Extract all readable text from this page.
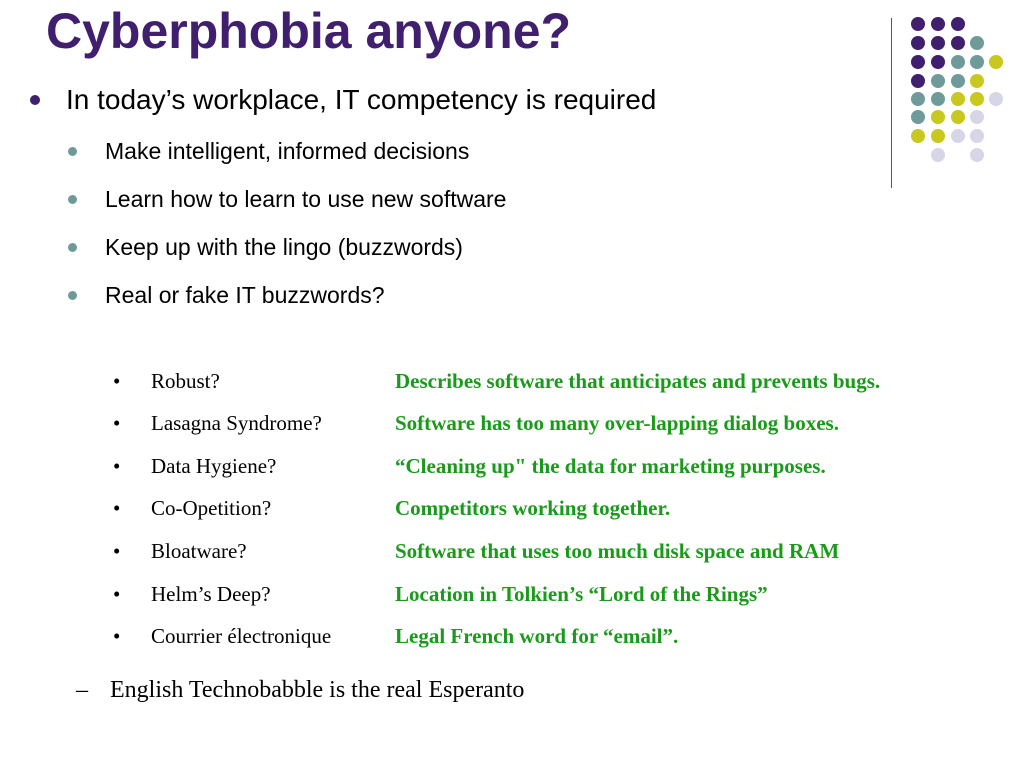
Cyberphobia anyone?
In today’s workplace, IT competency is required
Make intelligent, informed decisions
Learn how to learn to use new software
Keep up with the lingo (buzzwords)
Real or fake IT buzzwords?
• Robust?	Describes software that anticipates and prevents bugs.
• Lasagna Syndrome?	Software has too many over-lapping dialog boxes.
• Data Hygiene?	“Cleaning up" the data for marketing purposes.
• Co-Opetition?	Competitors working together.
• Bloatware?	Software that uses too much disk space and RAM
• Helm’s Deep?	Location in Tolkien’s “Lord of the Rings”
• Courrier électronique	Legal French word for “email”.
– English Technobabble is the real Esperanto
